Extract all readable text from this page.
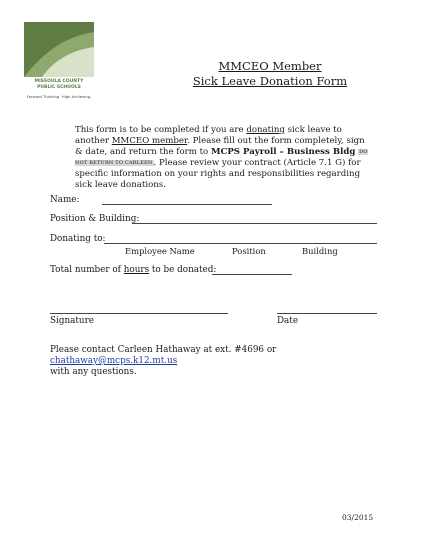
MISSOULA COUNTY
PUBLIC SCHOOLS
Forward Thinking. High Achieving.
MMCEO Member
Sick Leave Donation Form
This form is to be completed if you are donating sick leave to another MMCEO member. Please fill out the form completely, sign & date, and return the form to MCPS Payroll – Business Bldg DO NOT RETURN TO CARLEEN. Please review your contract (Article 7.1 G) for specific information on your rights and responsibilities regarding sick leave donations.
Name:
Position & Building:
Donating to:
Employee Name	Position	Building
Total number of hours to be donated:
Signature	Date
Please contact Carleen Hathaway at ext. #4696 or chathaway@mcps.k12.mt.us
with any questions.
03/2015
